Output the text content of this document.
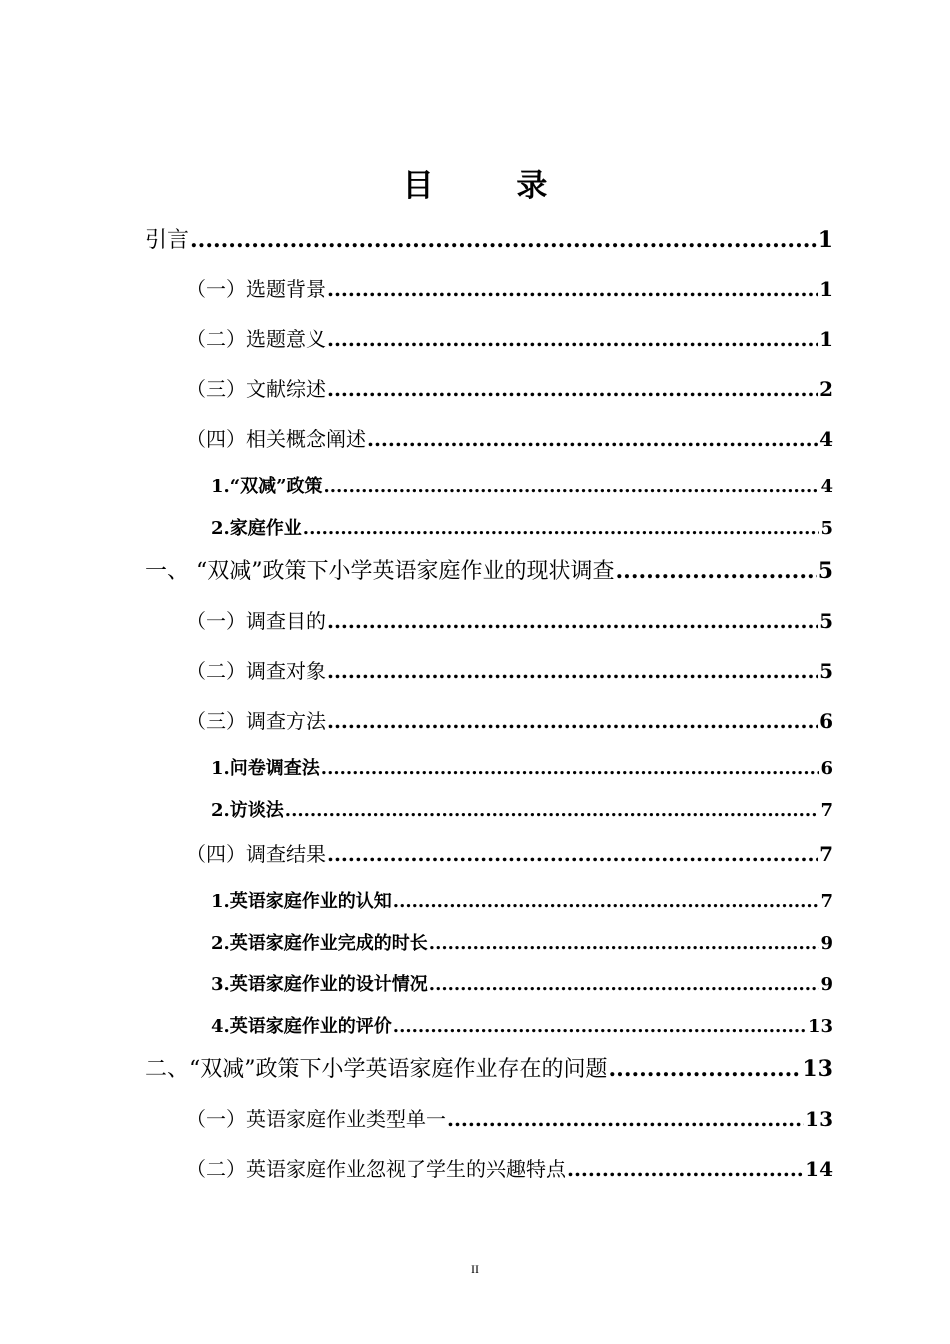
目 录
引言 .....	1
（一）选题背景 .....	1
（二）选题意义 .....	1
（三）文献综述 .....	2
（四）相关概念阐述 .....	4
1.“双减”政策 .....	4
2.家庭作业 .....	5
一、 “双减”政策下小学英语家庭作业的现状调查 .....	5
（一）调查目的 .....	5
（二）调查对象 .....	5
（三）调查方法 .....	6
1.问卷调查法 .....	6
2.访谈法 .....	7
（四）调查结果 .....	7
1.英语家庭作业的认知 .....	7
2.英语家庭作业完成的时长 .....	9
3.英语家庭作业的设计情况 .....	9
4.英语家庭作业的评价 .....	13
二、“双减”政策下小学英语家庭作业存在的问题 .....	13
（一）英语家庭作业类型单一 .....	13
（二）英语家庭作业忽视了学生的兴趣特点 .....	14
II
